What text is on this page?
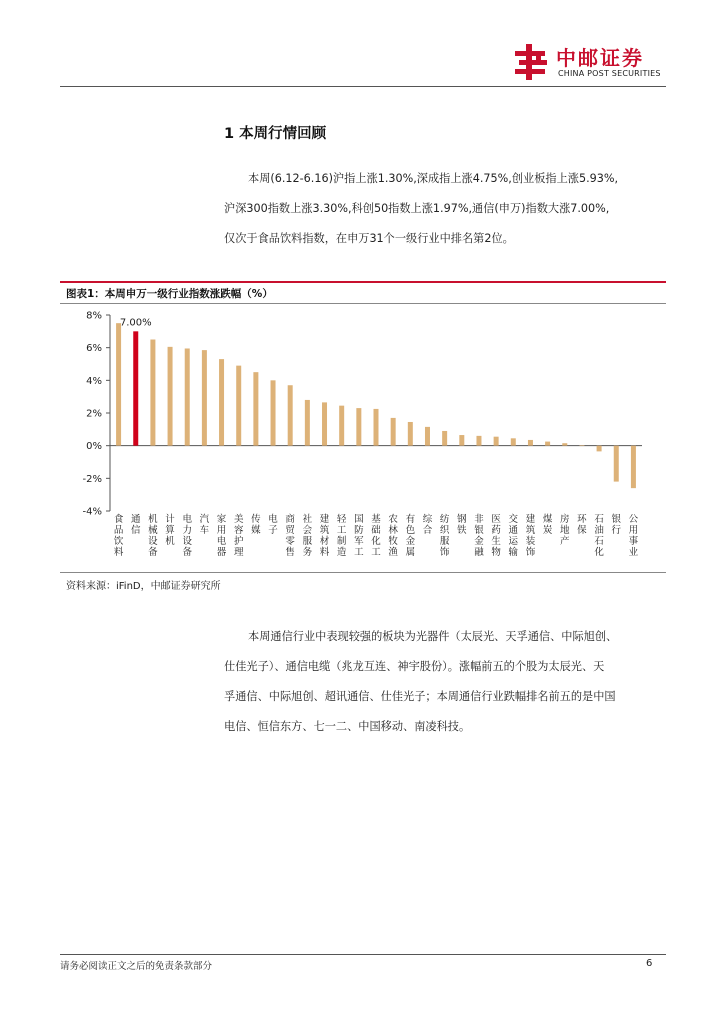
中邮证券
CHINA POST SECURITIES
1 本周行情回顾
本周(6.12-6.16)沪指上涨1.30%,深成指上涨4.75%,创业板指上涨5.93%,
沪深300指数上涨3.30%,科创50指数上涨1.97%,通信(申万)指数大涨7.00%,
仅次于食品饮料指数，在申万31个一级行业中排名第2位。
图表1：本周申万一级行业指数涨跌幅（%）
8%
6%
4%
2%
0%
-2%
-4%
7.00%
食品饮料
通信
机械设备
计算机
电力设备
汽车
家用电器
美容护理
传媒
电子
商贸零售
社会服务
建筑材料
轻工制造
国防军工
基础化工
农林牧渔
有色金属
综合
纺织服饰
钢铁
非银金融
医药生物
交通运输
建筑装饰
煤炭
房地产
环保
石油石化
银行
公用事业
资料来源：iFinD，中邮证券研究所
本周通信行业中表现较强的板块为光器件（太辰光、天孚通信、中际旭创、
仕佳光子）、通信电缆（兆龙互连、神宇股份）。涨幅前五的个股为太辰光、天
孚通信、中际旭创、超讯通信、仕佳光子；本周通信行业跌幅排名前五的是中国
电信、恒信东方、七一二、中国移动、南凌科技。
请务必阅读正文之后的免责条款部分	6
